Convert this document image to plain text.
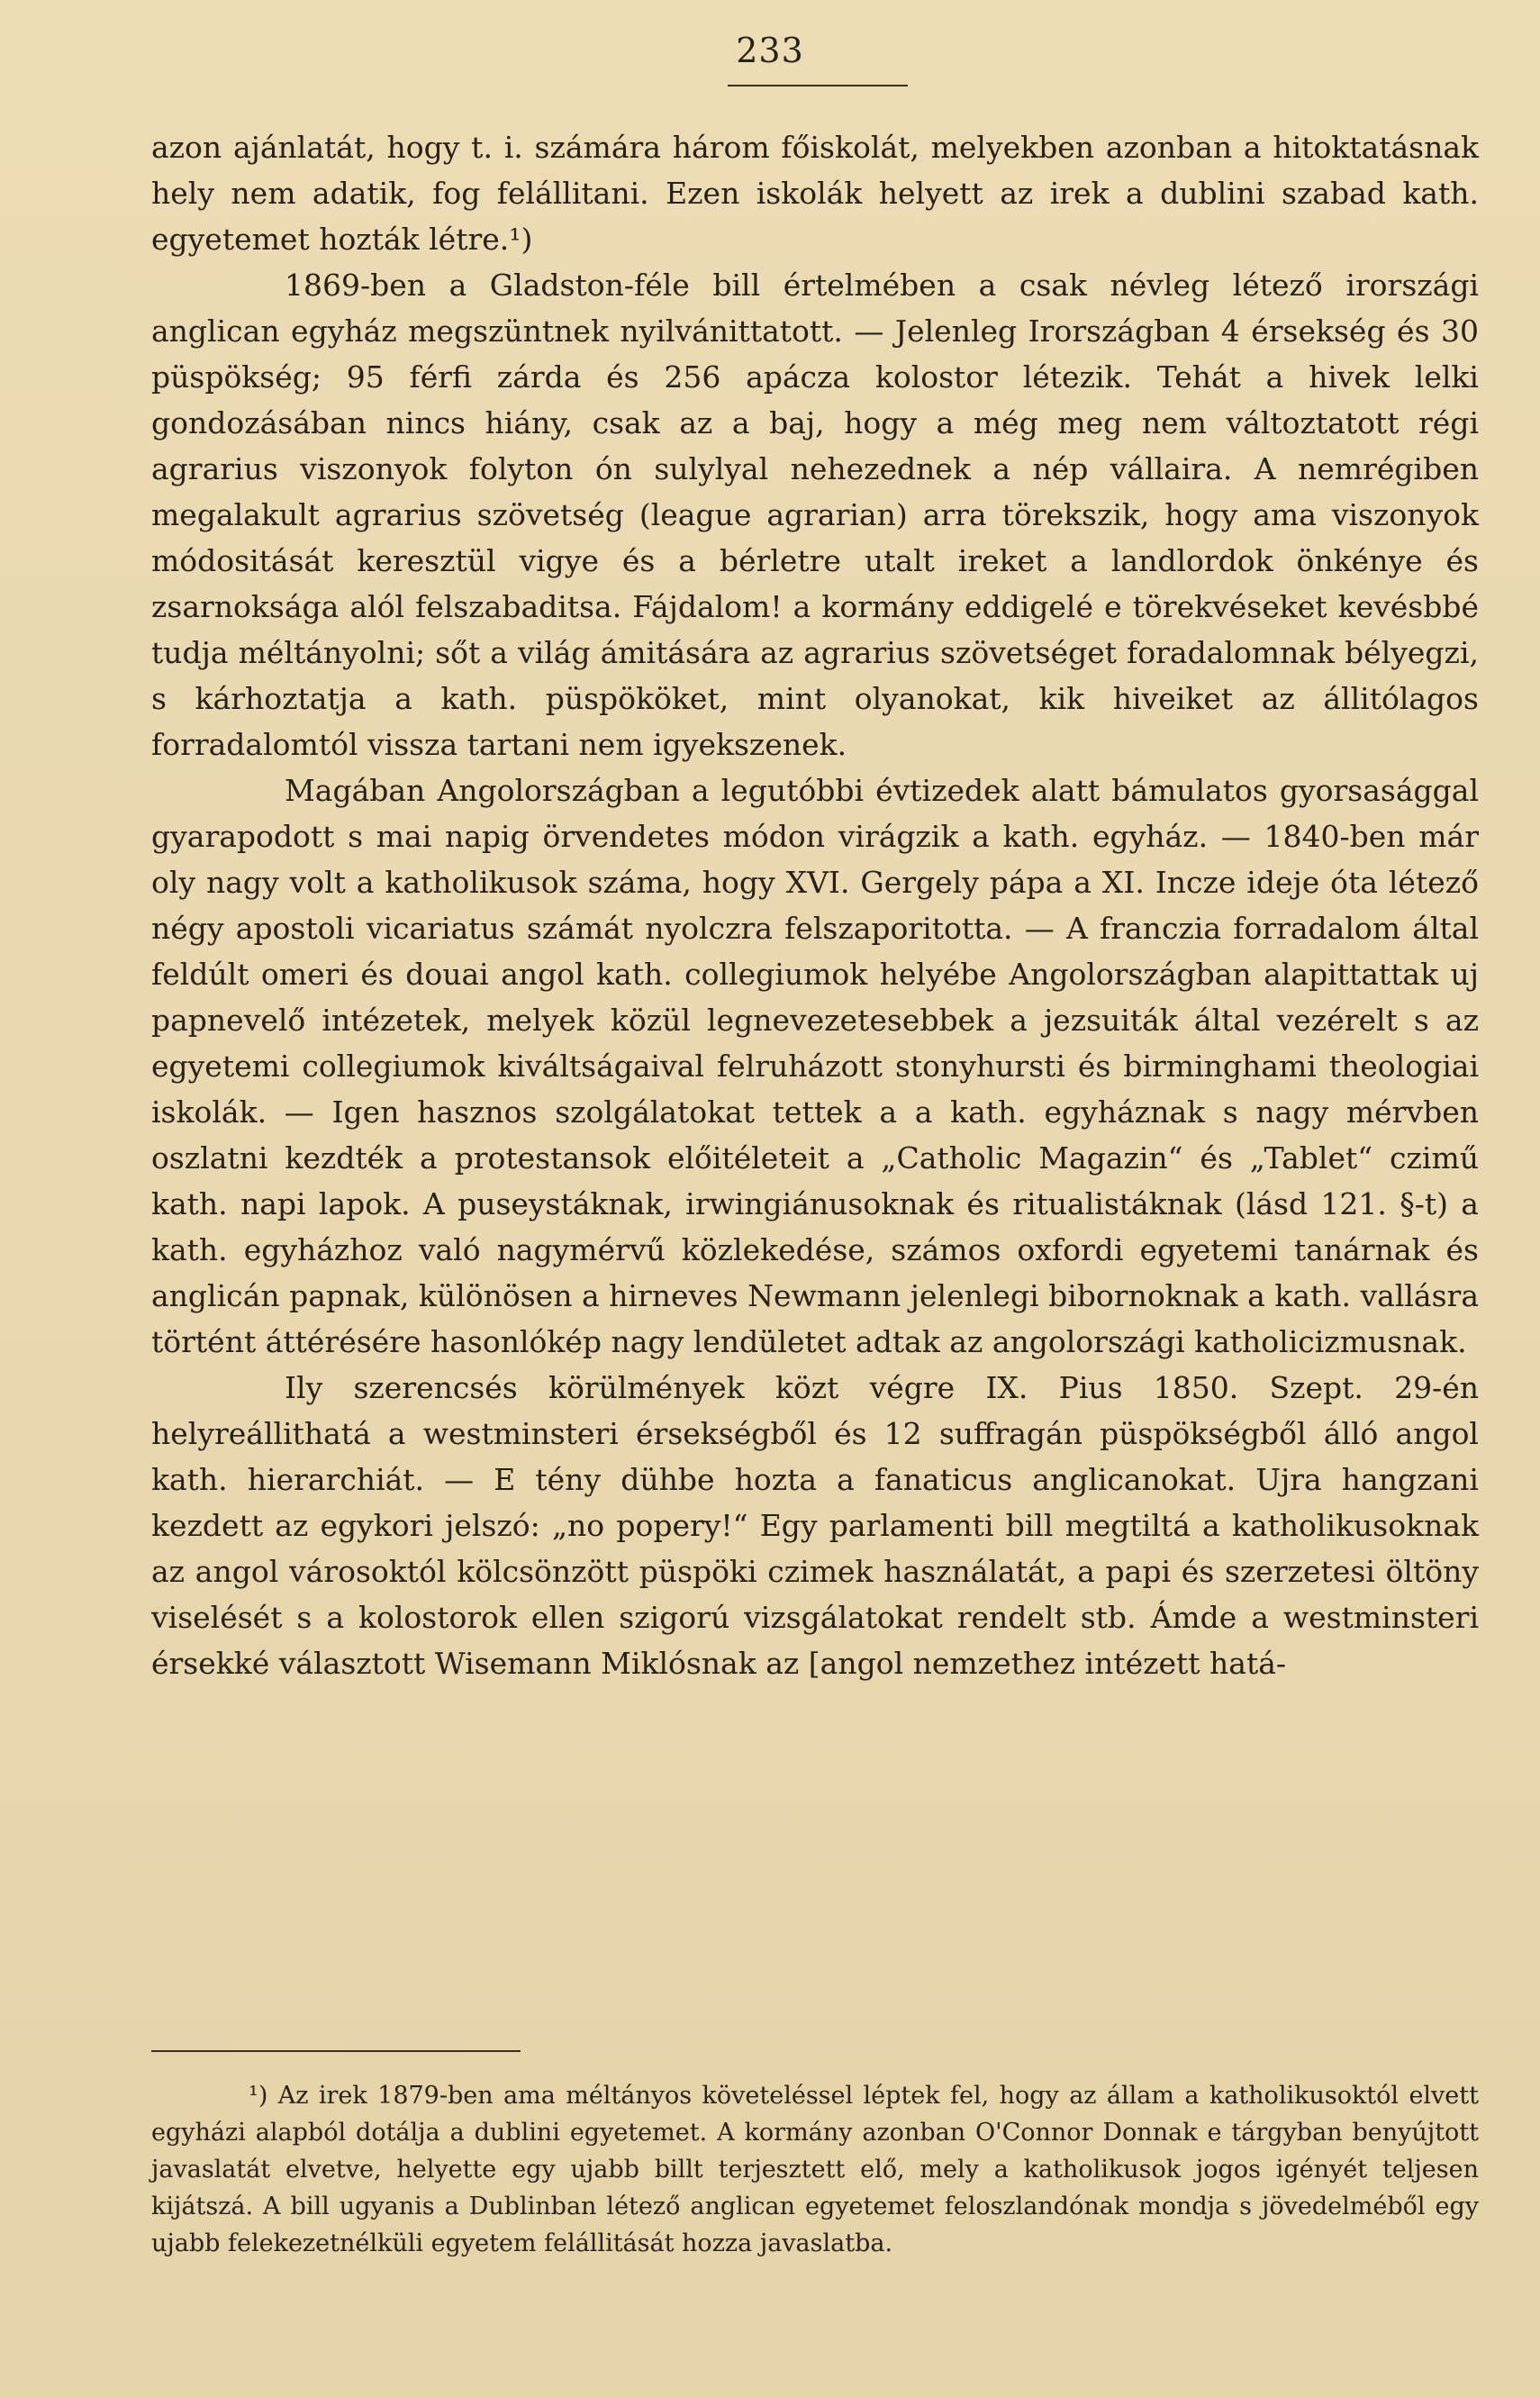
233

azon ajánlatát, hogy t. i. számára három főiskolát, melyekben azonban a hitoktatásnak hely nem adatik, fog felállitani. Ezen iskolák helyett az irek a dublini szabad kath. egyetemet hozták létre.¹)

1869-ben a Gladston-féle bill értelmében a csak névleg létező irországi anglican egyház megszüntnek nyilvánittatott. — Jelenleg Irországban 4 érsekség és 30 püspökség; 95 férfi zárda és 256 apácza kolostor létezik. Tehát a hivek lelki gondozásában nincs hiány, csak az a baj, hogy a még meg nem változtatott régi agrarius viszonyok folyton ón sulylyal nehezednek a nép vállaira. A nemrégiben megalakult agrarius szövetség (league agrarian) arra törekszik, hogy ama viszonyok módositását keresztül vigye és a bérletre utalt ireket a landlordok önkénye és zsarnoksága alól felszabaditsa. Fájdalom! a kormány eddigelé e törekvéseket kevésbbé tudja méltányolni; sőt a világ ámitására az agrarius szövetséget foradalomnak bélyegzi, s kárhoztatja a kath. püspököket, mint olyanokat, kik hiveiket az állitólagos forradalomtól vissza tartani nem igyekszenek.

Magában Angolországban a legutóbbi évtizedek alatt bámulatos gyorsasággal gyarapodott s mai napig örvendetes módon virágzik a kath. egyház. — 1840-ben már oly nagy volt a katholikusok száma, hogy XVI. Gergely pápa a XI. Incze ideje óta létező négy apostoli vicariatus számát nyolczra felszaporitotta. — A franczia forradalom által feldúlt omeri és douai angol kath. collegiumok helyébe Angolországban alapittattak uj papnevelő intézetek, melyek közül legnevezetesebbek a jezsuiták által vezérelt s az egyetemi collegiumok kiváltságaival felruházott stonyhursti és birminghami theologiai iskolák. — Igen hasznos szolgálatokat tettek a a kath. egyháznak s nagy mérvben oszlatni kezdték a protestansok előitéleteit a „Catholic Magazin“ és „Tablet“ czimű kath. napi lapok. A puseystáknak, irwingiánusoknak és ritualistáknak (lásd 121. §-t) a kath. egyházhoz való nagymérvű közlekedése, számos oxfordi egyetemi tanárnak és anglicán papnak, különösen a hirneves Newmann jelenlegi bibornoknak a kath. vallásra történt áttérésére hasonlókép nagy lendületet adtak az angolországi katholicizmusnak.

Ily szerencsés körülmények közt végre IX. Pius 1850. Szept. 29-én helyreállithatá a westminsteri érsekségből és 12 suffragán püspökségből álló angol kath. hierarchiát. — E tény dühbe hozta a fanaticus anglicanokat. Ujra hangzani kezdett az egykori jelszó: „no popery!“ Egy parlamenti bill megtiltá a katholikusoknak az angol városoktól kölcsönzött püspöki czimek használatát, a papi és szerzetesi öltöny viselését s a kolostorok ellen szigorú vizsgálatokat rendelt stb. Ámde a westminsteri érsekké választott Wisemann Miklósnak az [angol nemzethez intézett hatá-

¹) Az irek 1879-ben ama méltányos követeléssel léptek fel, hogy az állam a katholikusoktól elvett egyházi alapból dotálja a dublini egyetemet. A kormány azonban O'Connor Donnak e tárgyban benyújtott javaslatát elvetve, helyette egy ujabb billt terjesztett elő, mely a katholikusok jogos igényét teljesen kijátszá. A bill ugyanis a Dublinban létező anglican egyetemet feloszlandónak mondja s jövedelméből egy ujabb felekezetnélküli egyetem felállitását hozza javaslatba.
